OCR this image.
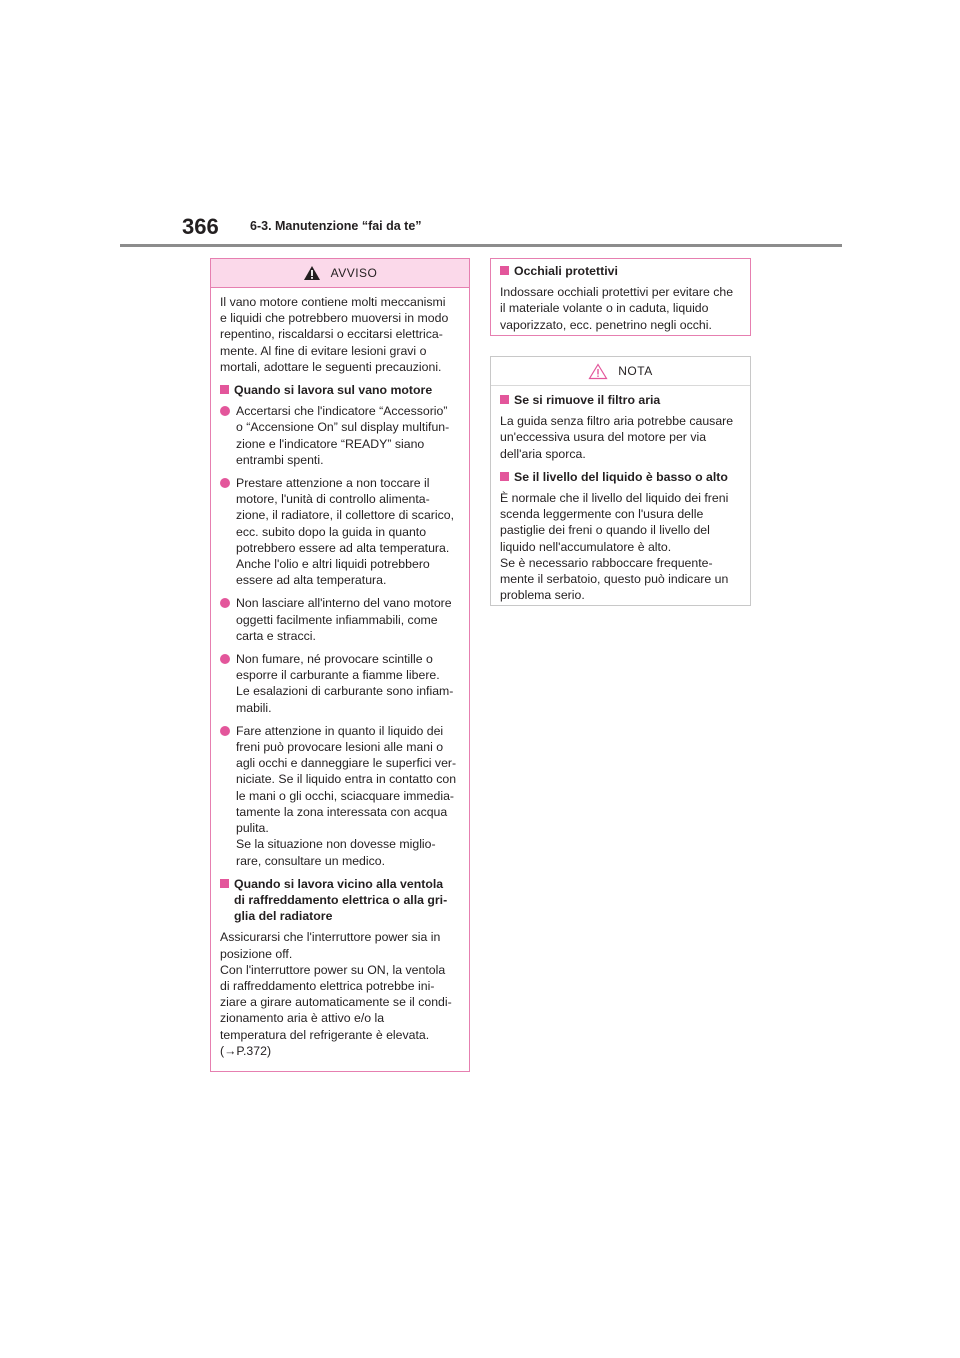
366	6-3. Manutenzione “fai da te”
AVVISO

Il vano motore contiene molti meccanismi
e liquidi che potrebbero muoversi in modo
repentino, riscaldarsi o eccitarsi elettrica-
mente. Al fine di evitare lesioni gravi o
mortali, adottare le seguenti precauzioni.

Quando si lavora sul vano motore
Accertarsi che l'indicatore “Accessorio”
o “Accensione On” sul display multifun-
zione e l'indicatore “READY” siano
entrambi spenti.
Prestare attenzione a non toccare il
motore, l'unità di controllo alimenta-
zione, il radiatore, il collettore di scarico,
ecc. subito dopo la guida in quanto
potrebbero essere ad alta temperatura.
Anche l'olio e altri liquidi potrebbero
essere ad alta temperatura.
Non lasciare all'interno del vano motore
oggetti facilmente infiammabili, come
carta e stracci.
Non fumare, né provocare scintille o
esporre il carburante a fiamme libere.
Le esalazioni di carburante sono infiam-
mabili.
Fare attenzione in quanto il liquido dei
freni può provocare lesioni alle mani o
agli occhi e danneggiare le superfici ver-
niciate. Se il liquido entra in contatto con
le mani o gli occhi, sciacquare immedia-
tamente la zona interessata con acqua
pulita.
Se la situazione non dovesse miglio-
rare, consultare un medico.
Quando si lavora vicino alla ventola
di raffreddamento elettrica o alla gri-
glia del radiatore

Assicurarsi che l'interruttore power sia in
posizione off.
Con l'interruttore power su ON, la ventola
di raffreddamento elettrica potrebbe ini-
ziare a girare automaticamente se il condi-
zionamento aria è attivo e/o la
temperatura del refrigerante è elevata.
(→P.372)

Occhiali protettivi

Indossare occhiali protettivi per evitare che
il materiale volante o in caduta, liquido
vaporizzato, ecc. penetrino negli occhi.

NOTA
Se si rimuove il filtro aria

La guida senza filtro aria potrebbe causare
un'eccessiva usura del motore per via
dell'aria sporca.

Se il livello del liquido è basso o alto

È normale che il livello del liquido dei freni
scenda leggermente con l'usura delle
pastiglie dei freni o quando il livello del
liquido nell'accumulatore è alto.
Se è necessario rabboccare frequente-
mente il serbatoio, questo può indicare un
problema serio.
